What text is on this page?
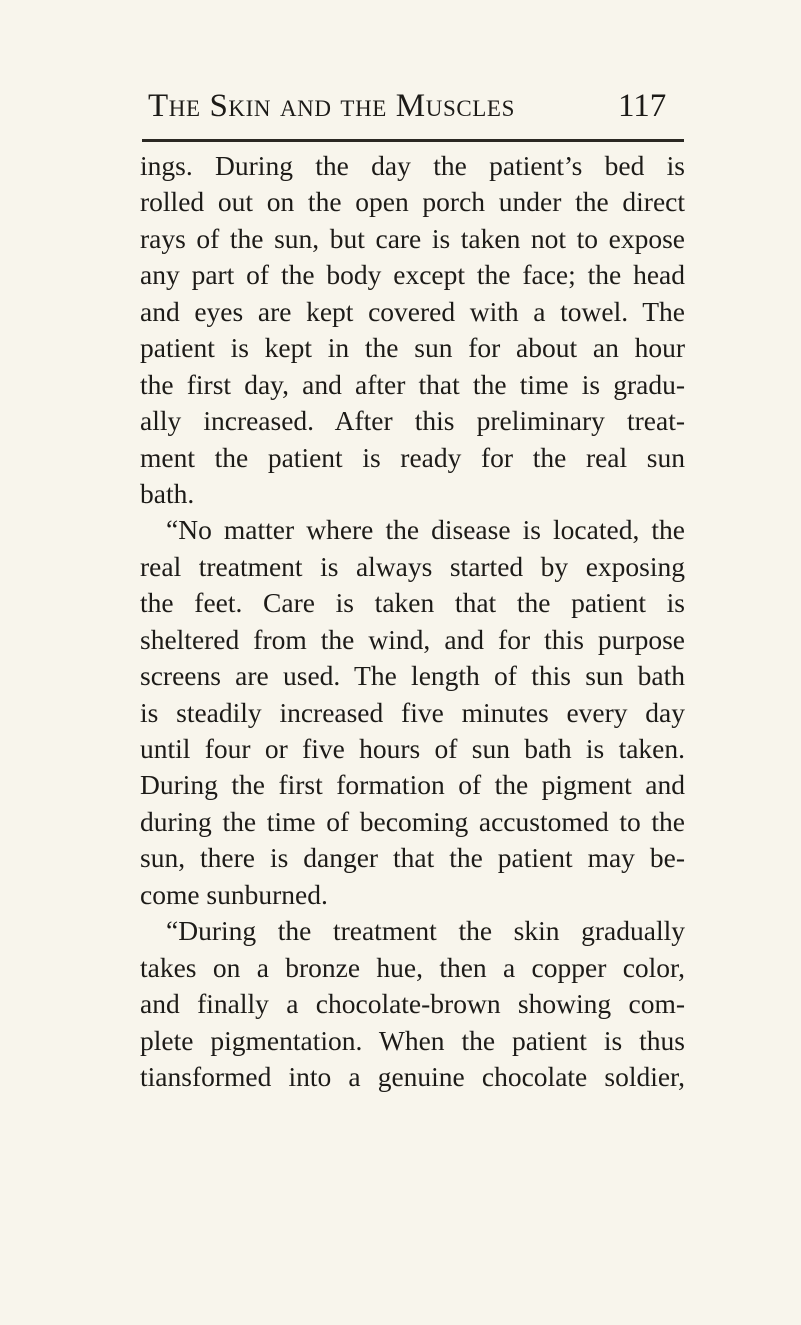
The Skin and the Muscles	117
ings. During the day the patient’s bed is
rolled out on the open porch under the direct
rays of the sun, but care is taken not to expose
any part of the body except the face; the head
and eyes are kept covered with a towel. The
patient is kept in the sun for about an hour
the first day, and after that the time is gradu-
ally increased. After this preliminary treat-
ment the patient is ready for the real sun
bath.
“No matter where the disease is located, the
real treatment is always started by exposing
the feet. Care is taken that the patient is
sheltered from the wind, and for this purpose
screens are used. The length of this sun bath
is steadily increased five minutes every day
until four or five hours of sun bath is taken.
During the first formation of the pigment and
during the time of becoming accustomed to the
sun, there is danger that the patient may be-
come sunburned.
“During the treatment the skin gradually
takes on a bronze hue, then a copper color,
and finally a chocolate-brown showing com-
plete pigmentation. When the patient is thus
tiansformed into a genuine chocolate soldier,
